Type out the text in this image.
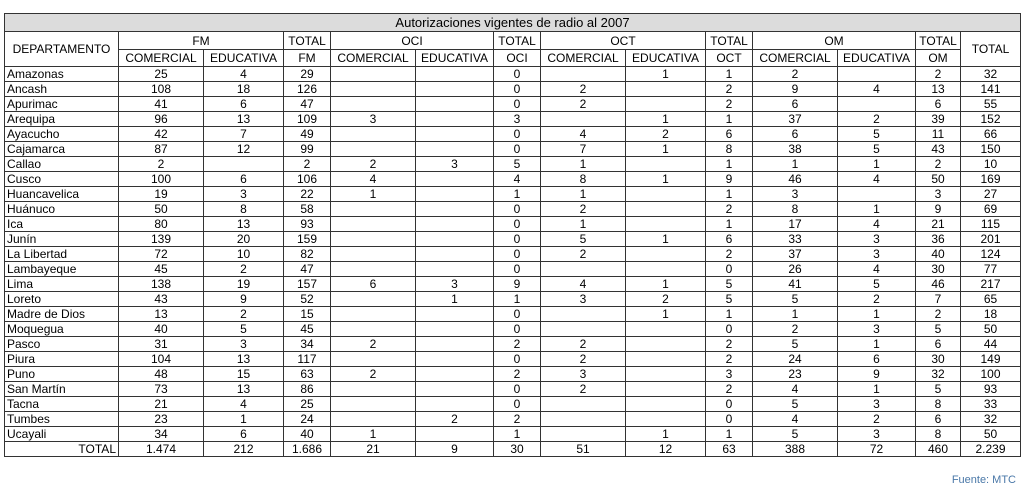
Autorizaciones vigentes de radio al 2007													
DEPARTAMENTO	FM		TOTAL	OCI		TOTAL	OCT		TOTAL	OM		TOTAL	TOTAL
	COMERCIAL	EDUCATIVA	FM	COMERCIAL	EDUCATIVA	OCI	COMERCIAL	EDUCATIVA	OCT	COMERCIAL	EDUCATIVA	OM	
Amazonas	25	4	29			0		1	1	2		2	32
Ancash	108	18	126			0	2		2	9	4	13	141
Apurimac	41	6	47			0	2		2	6		6	55
Arequipa	96	13	109	3		3		1	1	37	2	39	152
Ayacucho	42	7	49			0	4	2	6	6	5	11	66
Cajamarca	87	12	99			0	7	1	8	38	5	43	150
Callao	2		2	2	3	5	1		1	1	1	2	10
Cusco	100	6	106	4		4	8	1	9	46	4	50	169
Huancavelica	19	3	22	1		1	1		1	3		3	27
Huánuco	50	8	58			0	2		2	8	1	9	69
Ica	80	13	93			0	1		1	17	4	21	115
Junín	139	20	159			0	5	1	6	33	3	36	201
La Libertad	72	10	82			0	2		2	37	3	40	124
Lambayeque	45	2	47			0			0	26	4	30	77
Lima	138	19	157	6	3	9	4	1	5	41	5	46	217
Loreto	43	9	52		1	1	3	2	5	5	2	7	65
Madre de Dios	13	2	15			0		1	1	1	1	2	18
Moquegua	40	5	45			0			0	2	3	5	50
Pasco	31	3	34	2		2	2		2	5	1	6	44
Piura	104	13	117			0	2		2	24	6	30	149
Puno	48	15	63	2		2	3		3	23	9	32	100
San Martín	73	13	86			0	2		2	4	1	5	93
Tacna	21	4	25			0			0	5	3	8	33
Tumbes	23	1	24		2	2			0	4	2	6	32
Ucayali	34	6	40	1		1		1	1	5	3	8	50
TOTAL	1.474	212	1.686	21	9	30	51	12	63	388	72	460	2.239
Fuente: MTC
